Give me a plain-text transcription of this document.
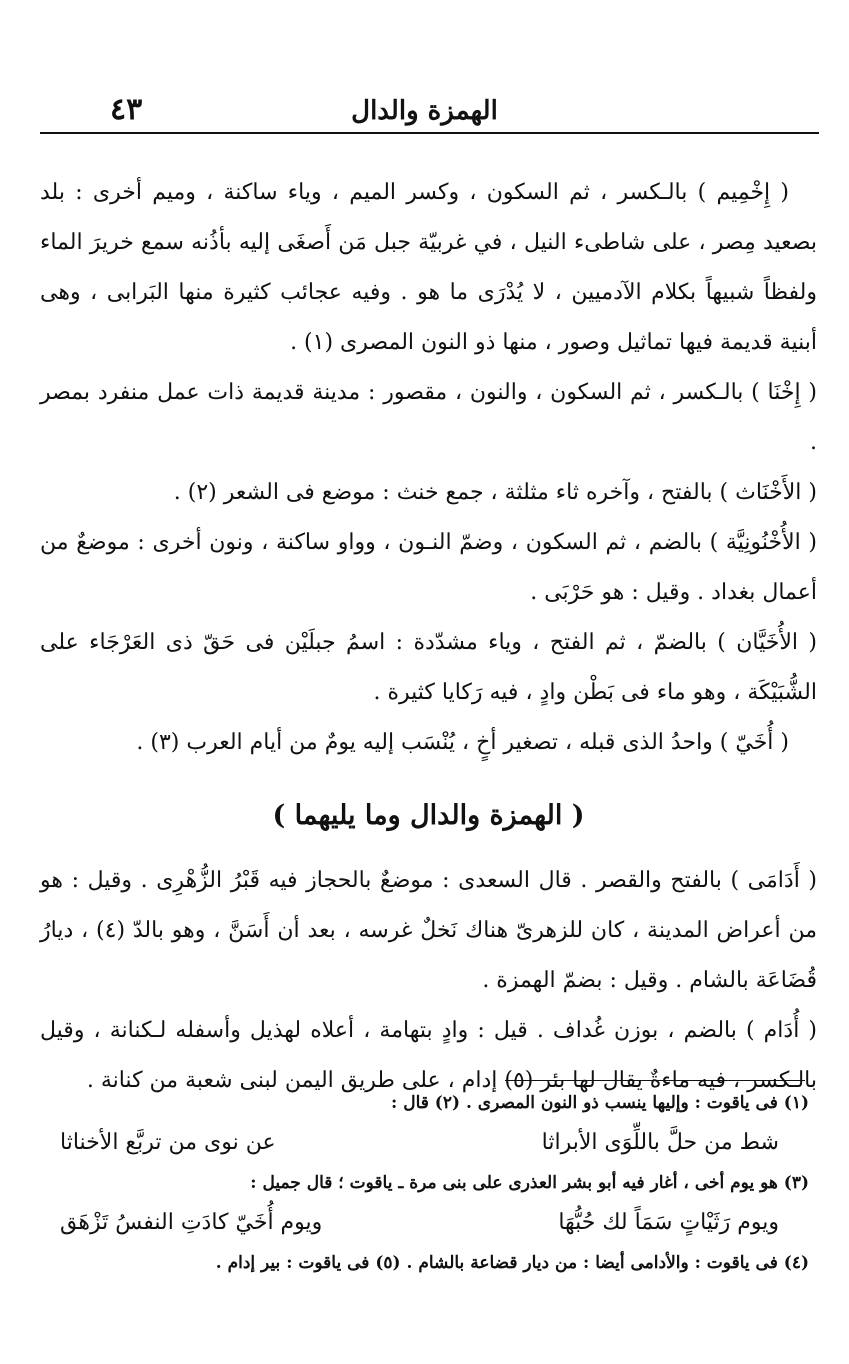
الهمزة والدال
٤٣

( إِخْمِيم ) بالـكسر ، ثم السكون ، وكسر الميم ، وياء ساكنة ، وميم أخرى : بلد بصعيد مِصر ، على شاطىء النيل ، في غربيّة جبل مَن أَصغَى إليه بأذُنه سمع خريرَ الماء ولفظاً شبيهاً بكلام الآدميين ، لا يُدْرَى ما هو . وفيه عجائب كثيرة منها البَرابى ، وهى أبنية قديمة فيها تماثيل وصور ، منها ذو النون المصرى (١) .

( إِخْنَا ) بالـكسر ، ثم السكون ، والنون ، مقصور : مدينة قديمة ذات عمل منفرد بمصر .

( الأَخْنَاث ) بالفتح ، وآخره ثاء مثلثة ، جمع خنث : موضع فى الشعر (٢) .

( الأُخْنُونِيَّة ) بالضم ، ثم السكون ، وضمّ النـون ، وواو ساكنة ، ونون أخرى : موضعٌ من أعمال بغداد . وقيل : هو حَرْبَى .

( الأُخَيَّان ) بالضمّ ، ثم الفتح ، وياء مشدّدة : اسمُ جبلَيْن فى حَقّ ذى العَرْجَاء على الشُّبَيْكَة ، وهو ماء فى بَطْن وادٍ ، فيه رَكايا كثيرة .

( أُخَيّ ) واحدُ الذى قبله ، تصغير أخٍ ، يُنْسَب إليه يومٌ من أيام العرب (٣) .

( الهمزة والدال وما يليهما )

( أَدَامَى ) بالفتح والقصر . قال السعدى : موضعٌ بالحجاز فيه قَبْرُ الزُّهْرِى . وقيل : هو من أعراض المدينة ، كان للزهرىّ هناك نَخلٌ غرسه ، بعد أن أَسَنَّ ، وهو بالدّ (٤) ، ديارُ قُضَاعَة بالشام . وقيل : بضمّ الهمزة .

( أُدَام ) بالضم ، بوزن غُداف . قيل : وادٍ بتهامة ، أعلاه لهذيل وأسفله لـكنانة ، وقيل بالـكسر ، فيه ماءةٌ يقال لها بئر (٥) إدام ، على طريق اليمن لبنى شعبة من كنانة .

(١) فى ياقوت : وإليها ينسب ذو النون المصرى . (٢) قال :

شط من حلَّ باللِّوَى الأبراثا
عن نوى من تربَّع الأخناثا

(٣) هو يوم أخى ، أغار فيه أبو بشر العذرى على بنى مرة ـ ياقوت ؛ قال جميل :

ويوم رَثَيْاتٍ سَمَاً لك حُبُّهَا
ويوم أُخَيّ كادَتِ النفسُ تَزْهَق

(٤) فى ياقوت : والأدامى أيضا : من ديار قضاعة بالشام . (٥) فى ياقوت : بير إدام .
